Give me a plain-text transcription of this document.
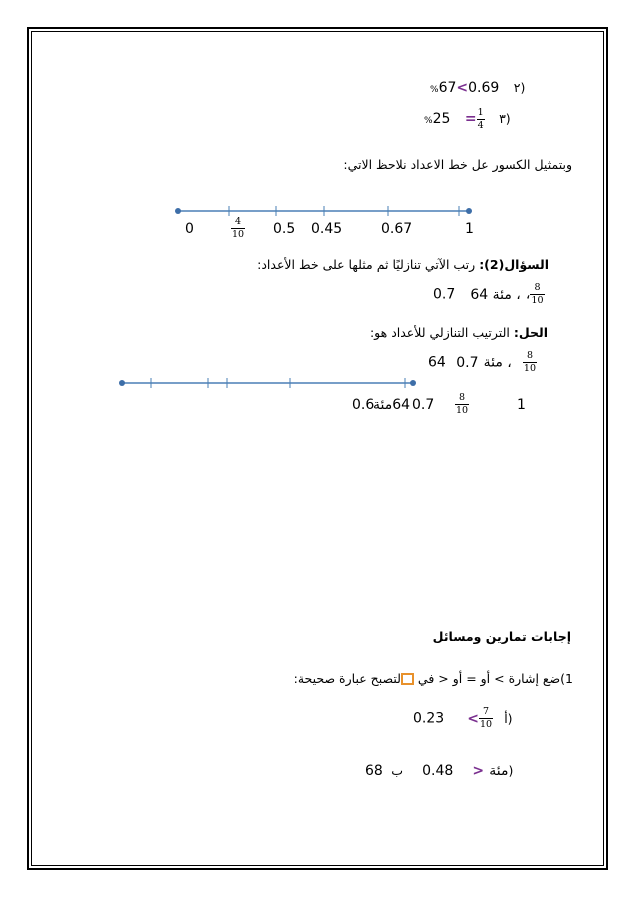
%67<0.69 ٢)
$\%25 = \frac{1}{4}$ ٣)
وبتمثيل الكسور عل خط الاعداد نلاحظ الاتي:
0	$\frac{4}{10} 0.5$ 0.45	0.67	1
السؤال(2): رتب الآتي تنازليًا ثم مثلها على خط الأعداد:
0.7 64 مئة ، ، $\frac{8}{10}$
الحل: الترتيب التنازلي للأعداد هو:
64 مئة 0.7 ، $\frac{8}{10}$
1
$\frac{8}{10}$
0.7
64مئة
0.6
إجابات تمارين ومسائل
1)ضع إشارة > أو = أو < في لتصبح عبارة صحيحة:
$0.23 < \frac{7}{10}$ أ)
68 مئة < 0.48 ب)
